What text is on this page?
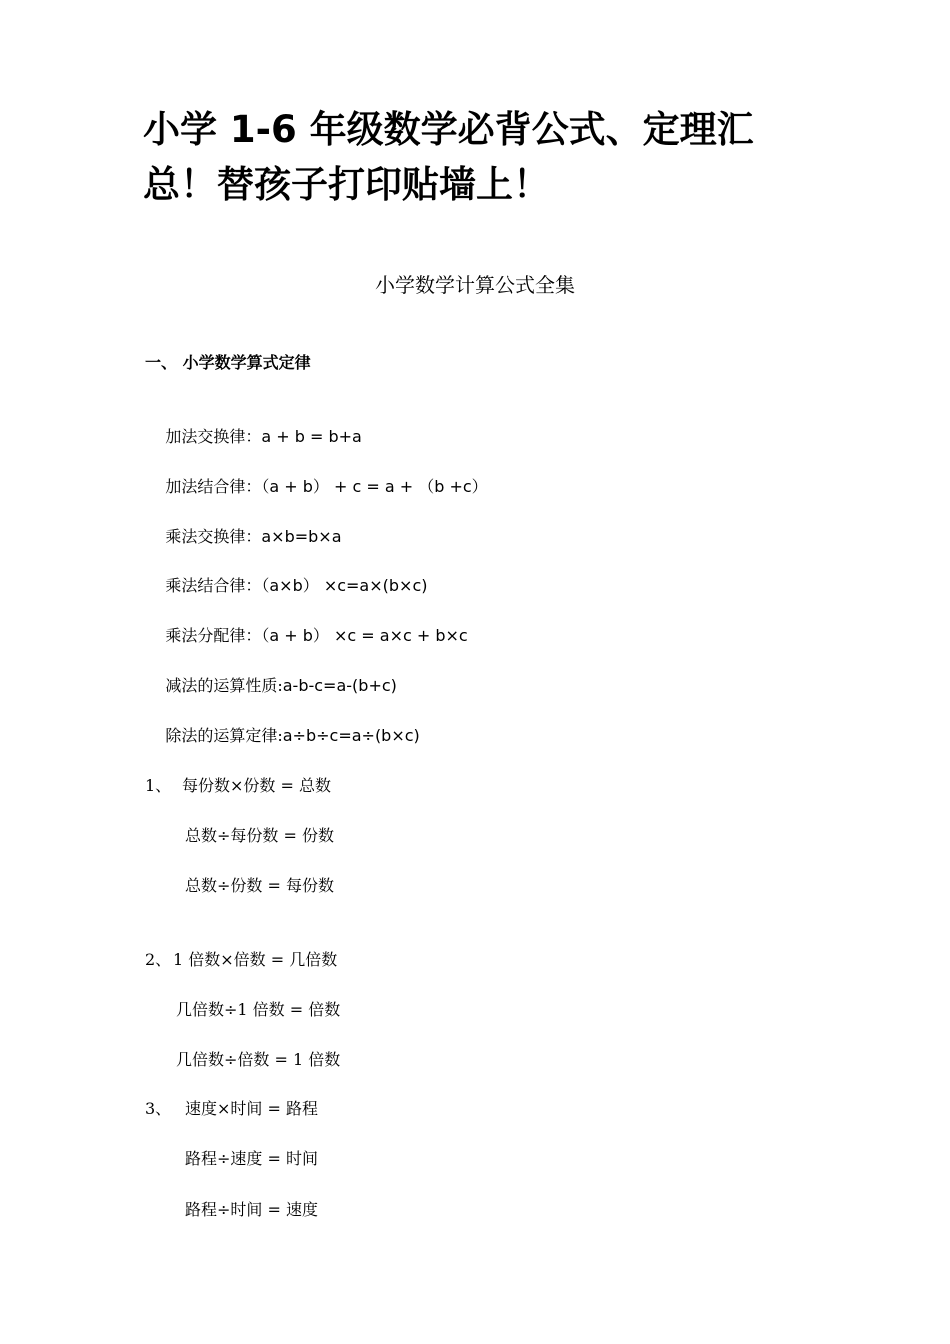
小学 1-6 年级数学必背公式、定理汇
总！替孩子打印贴墙上！
小学数学计算公式全集
一、 小学数学算式定律

加法交换律：a + b = b+a

加法结合律：（a + b） + c = a + （b +c）

乘法交换律：a×b=b×a

乘法结合律：（a×b） ×c=a×(b×c)

乘法分配律：（a + b） ×c = a×c + b×c

减法的运算性质:a-b-c=a-(b+c)

除法的运算定律:a÷b÷c=a÷(b×c)

1、 每份数×份数 = 总数
总数÷每份数 = 份数
总数÷份数 = 每份数
2、 1 倍数×倍数 = 几倍数
几倍数÷1 倍数 = 倍数
几倍数÷倍数 = 1 倍数
3、 速度×时间 = 路程
路程÷速度 = 时间
路程÷时间 = 速度
